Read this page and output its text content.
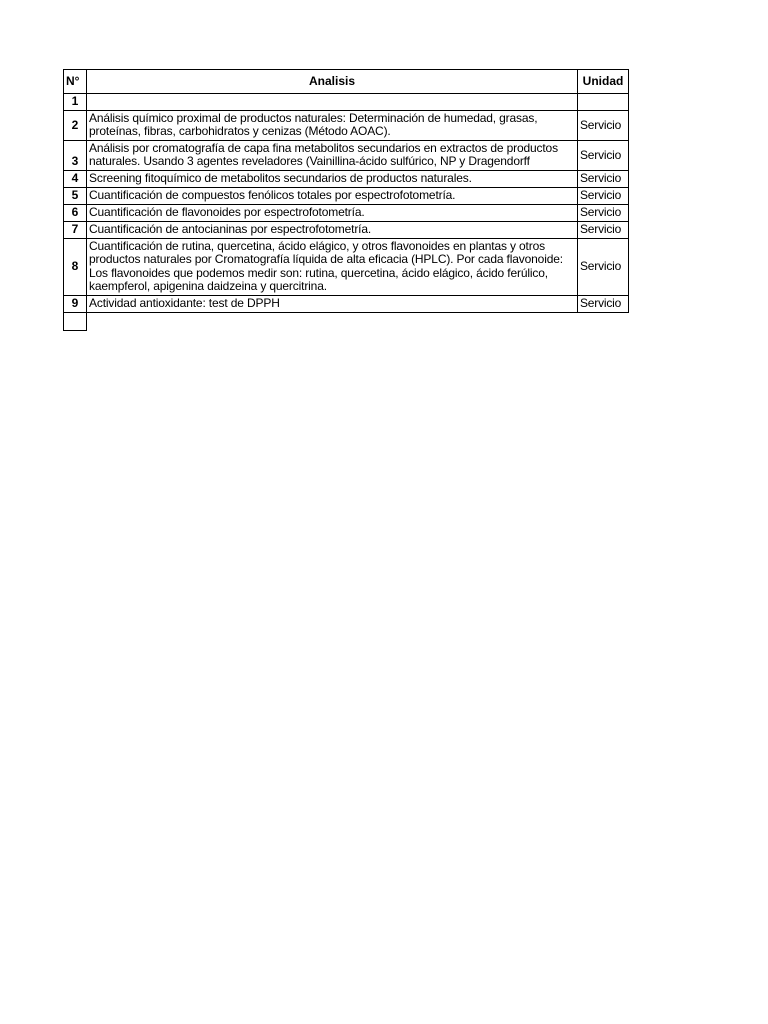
N°	Analisis	Unidad
1		
2	Análisis químico proximal de productos naturales: Determinación de humedad, grasas, proteínas, fibras, carbohidratos y cenizas (Método AOAC).	Servicio
3	Análisis por cromatografía de capa fina metabolitos secundarios en extractos de productos naturales. Usando 3 agentes reveladores (Vainillina-ácido sulfúrico, NP y Dragendorff	Servicio
4	Screening fitoquímico de metabolitos secundarios de productos naturales.	Servicio
5	Cuantificación de compuestos fenólicos totales por espectrofotometría.	Servicio
6	Cuantificación de flavonoides por espectrofotometría.	Servicio
7	Cuantificación de antocianinas por espectrofotometría.	Servicio
8	Cuantificación de rutina, quercetina, ácido elágico, y otros flavonoides en plantas y otros productos naturales por Cromatografía líquida de alta eficacia (HPLC). Por cada flavonoide: Los flavonoides que podemos medir son: rutina, quercetina, ácido elágico, ácido ferúlico, kaempferol, apigenina daidzeina y quercitrina.	Servicio
9	Actividad antioxidante: test de DPPH	Servicio
